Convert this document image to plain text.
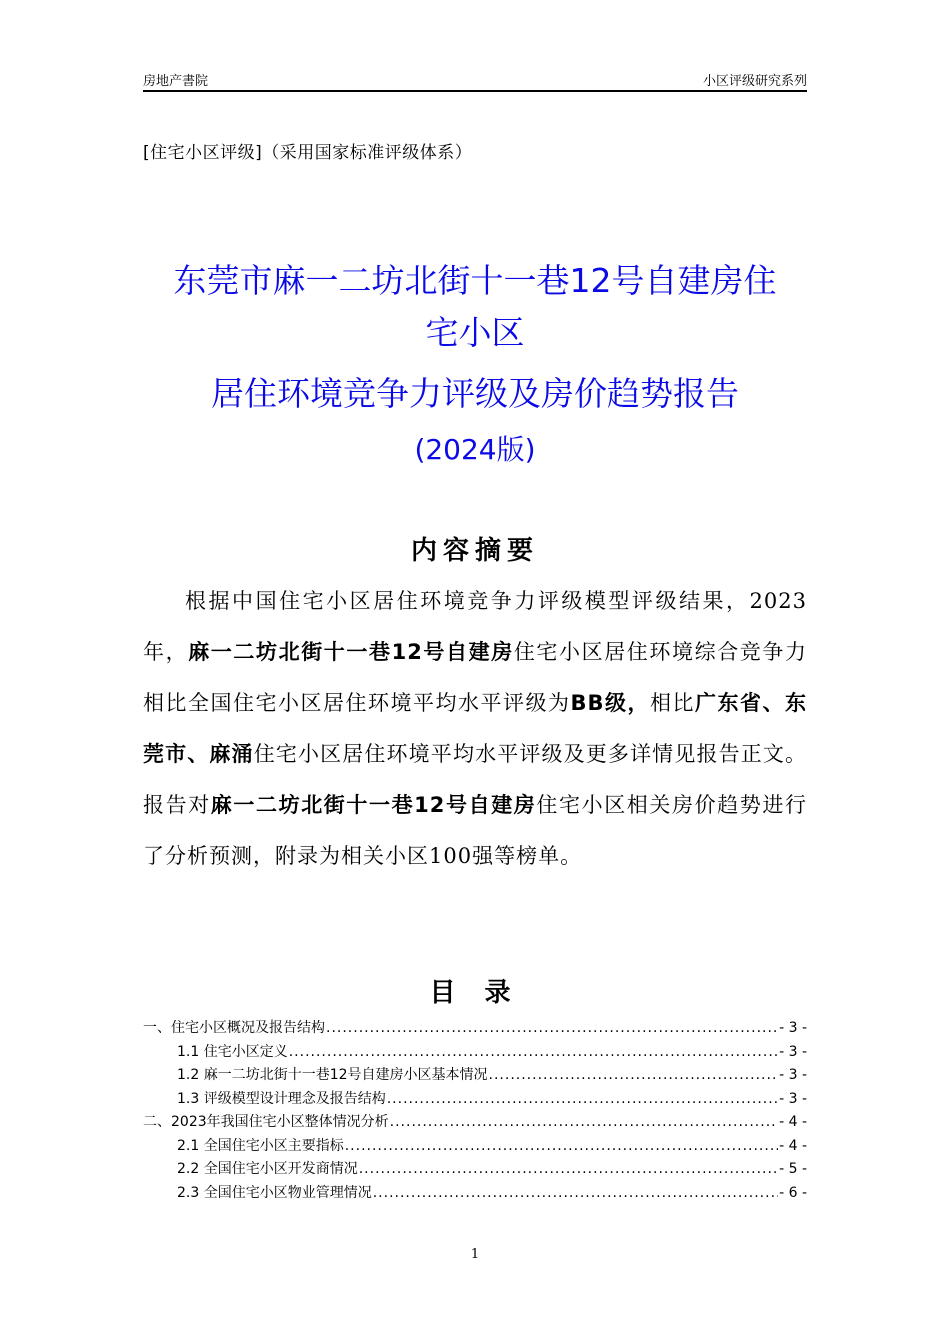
房地产書院	小区评级研究系列
[住宅小区评级]（采用国家标准评级体系）
东莞市麻一二坊北街十一巷12号自建房住
宅小区
居住环境竞争力评级及房价趋势报告
(2024版)
内容摘要

根据中国住宅小区居住环境竞争力评级模型评级结果，2023年，麻一二坊北街十一巷12号自建房住宅小区居住环境综合竞争力相比全国住宅小区居住环境平均水平评级为BB级，相比广东省、东莞市、麻涌住宅小区居住环境平均水平评级及更多详情见报告正文。报告对麻一二坊北街十一巷12号自建房住宅小区相关房价趋势进行了分析预测，附录为相关小区100强等榜单。

目 录
一、住宅小区概况及报告结构 .....	- 3 -
1.1 住宅小区定义 .....	- 3 -
1.2 麻一二坊北街十一巷12号自建房小区基本情况 .....	- 3 -
1.3 评级模型设计理念及报告结构 .....	- 3 -
二、2023年我国住宅小区整体情况分析 .....	- 4 -
2.1 全国住宅小区主要指标 .....	- 4 -
2.2 全国住宅小区开发商情况 .....	- 5 -
2.3 全国住宅小区物业管理情况 .....	- 6 -
1
